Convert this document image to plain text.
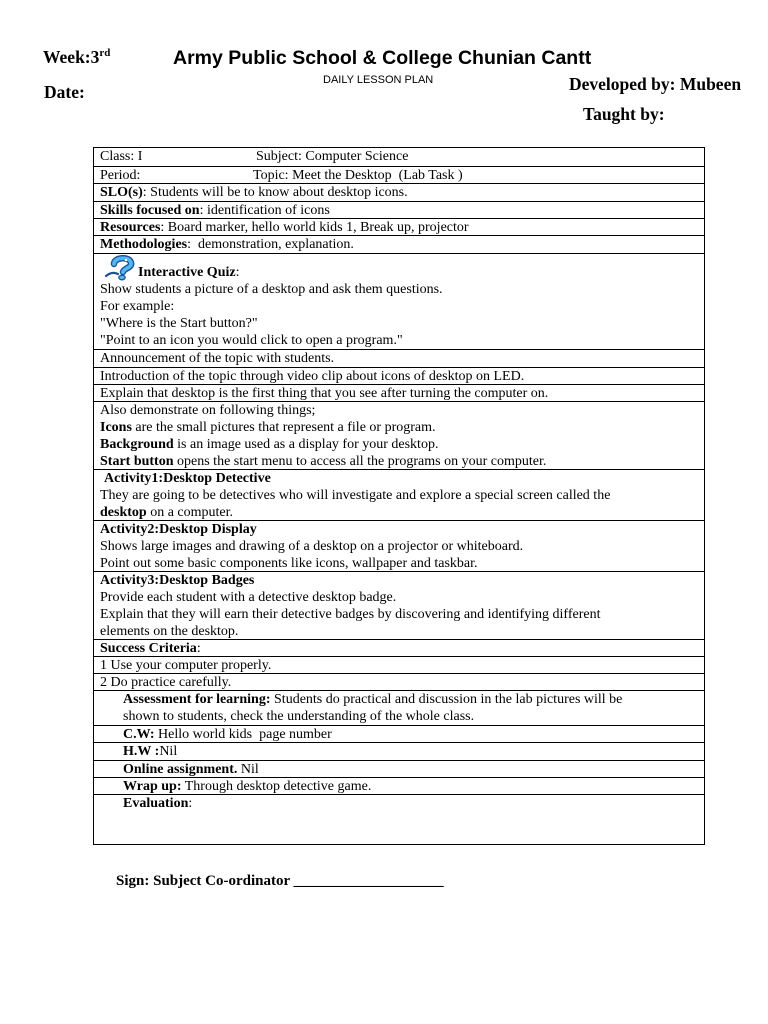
Week:3rd
Date:
Army Public School & College Chunian Cantt
DAILY LESSON PLAN	Developed by: Mubeen
Taught by:
Class: I	Subject: Computer Science
Period:	Topic: Meet the Desktop  (Lab Task )
SLO(s): Students will be to know about desktop icons.
Skills focused on: identification of icons
Resources: Board marker, hello world kids 1, Break up, projector
Methodologies:  demonstration, explanation.
Interactive Quiz:
Show students a picture of a desktop and ask them questions.
For example:
"Where is the Start button?"
"Point to an icon you would click to open a program."
Announcement of the topic with students.
Introduction of the topic through video clip about icons of desktop on LED.
Explain that desktop is the first thing that you see after turning the computer on.
Also demonstrate on following things;
Icons are the small pictures that represent a file or program.
Background is an image used as a display for your desktop.
Start button opens the start menu to access all the programs on your computer.
Activity1:Desktop Detective
They are going to be detectives who will investigate and explore a special screen called the
desktop on a computer.
Activity2:Desktop Display
Shows large images and drawing of a desktop on a projector or whiteboard.
Point out some basic components like icons, wallpaper and taskbar.
Activity3:Desktop Badges
Provide each student with a detective desktop badge.
Explain that they will earn their detective badges by discovering and identifying different
elements on the desktop.
Success Criteria:
1 Use your computer properly.
2 Do practice carefully.
Assessment for learning: Students do practical and discussion in the lab pictures will be
shown to students, check the understanding of the whole class.
C.W: Hello world kids  page number
H.W :Nil
Online assignment. Nil
Wrap up: Through desktop detective game.
Evaluation:
Sign: Subject Co-ordinator ____________________
